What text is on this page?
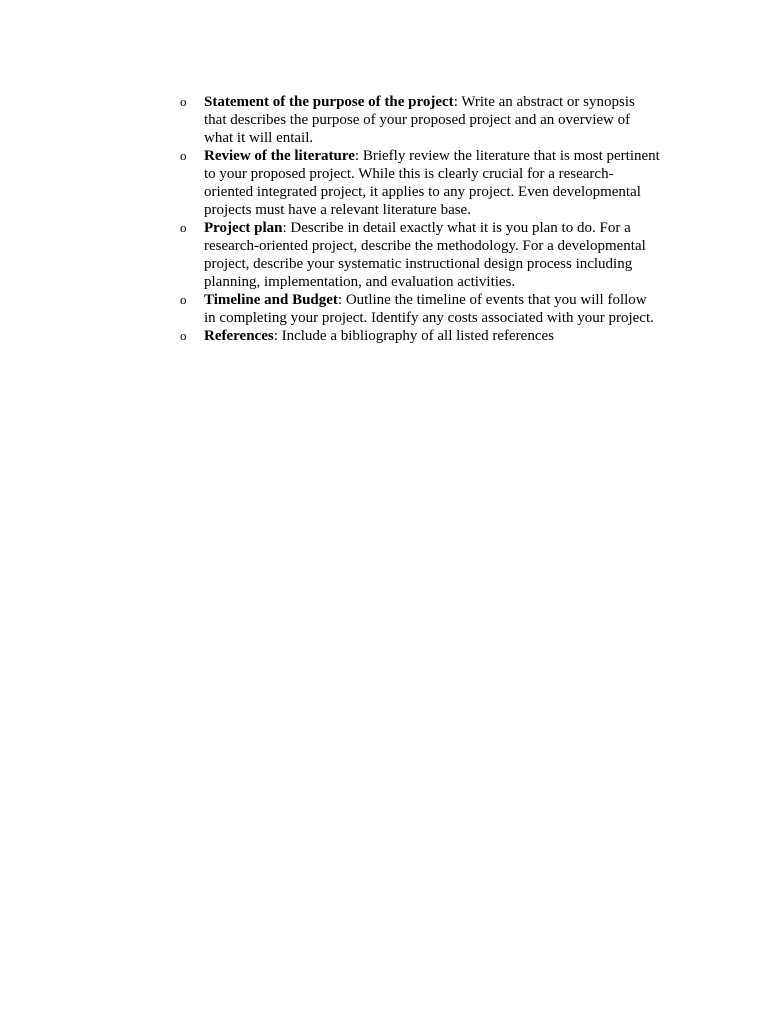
o Statement of the purpose of the project: Write an abstract or synopsis that describes the purpose of your proposed project and an overview of what it will entail.
o Review of the literature: Briefly review the literature that is most pertinent to your proposed project. While this is clearly crucial for a research-oriented integrated project, it applies to any project. Even developmental projects must have a relevant literature base.
o Project plan: Describe in detail exactly what it is you plan to do. For a research-oriented project, describe the methodology. For a developmental project, describe your systematic instructional design process including planning, implementation, and evaluation activities.
o Timeline and Budget: Outline the timeline of events that you will follow in completing your project. Identify any costs associated with your project.
o References: Include a bibliography of all listed references
